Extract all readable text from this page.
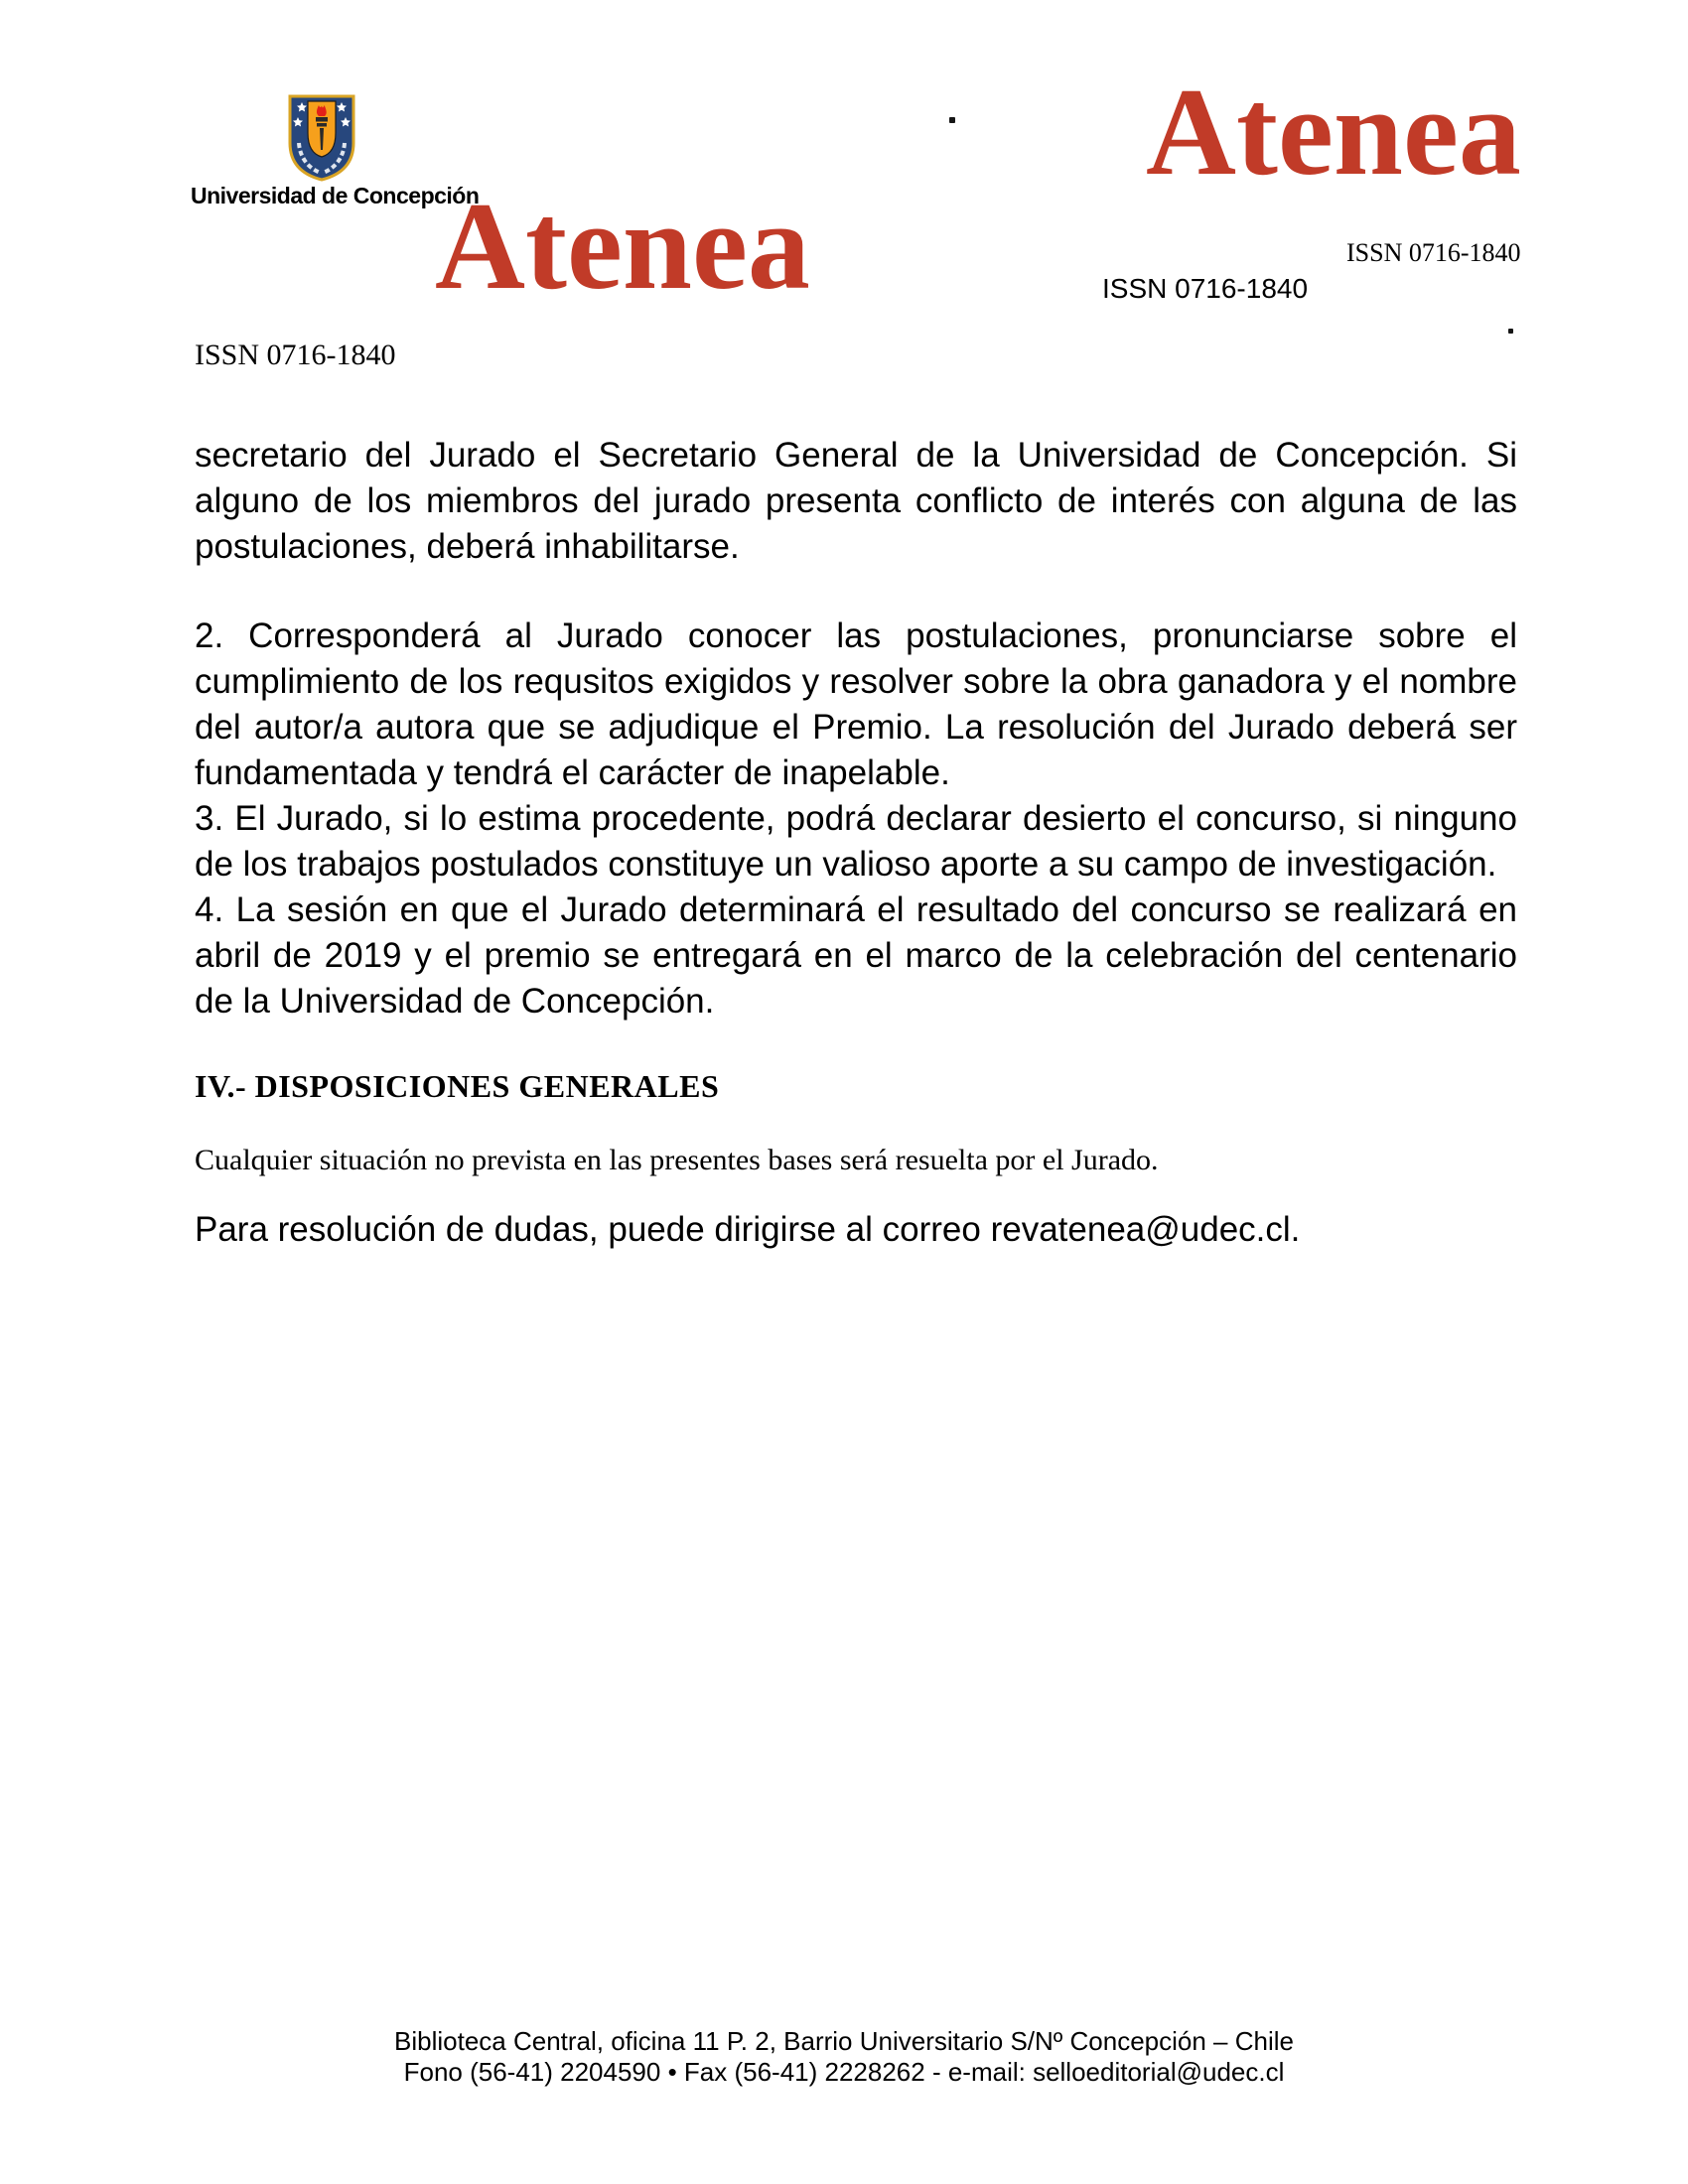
Universidad de Concepción
Atenea
Atenea
ISSN 0716-1840
ISSN 0716-1840
ISSN 0716-1840

secretario del Jurado el Secretario General de la Universidad de Concepción. Si alguno de los miembros del jurado presenta conflicto de interés con alguna de las postulaciones, deberá inhabilitarse.

2. Corresponderá al Jurado conocer las postulaciones, pronunciarse sobre el cumplimiento de los requsitos exigidos y resolver sobre la obra ganadora y el nombre del autor/a autora que se adjudique el Premio. La resolución del Jurado deberá ser fundamentada y tendrá el carácter de inapelable.

3. El Jurado, si lo estima procedente, podrá declarar desierto el concurso, si ninguno de los trabajos postulados constituye un valioso aporte a su campo de investigación.

4. La sesión en que el Jurado determinará el resultado del concurso se realizará en abril de 2019 y el premio se entregará en el marco de la celebración del centenario de la Universidad de Concepción.

IV.- DISPOSICIONES GENERALES

Cualquier situación no prevista en las presentes bases será resuelta por el Jurado.

Para resolución de dudas, puede dirigirse al correo revatenea@udec.cl.

Biblioteca Central, oficina 11 P. 2, Barrio Universitario S/Nº Concepción – Chile
Fono (56-41) 2204590 • Fax (56-41) 2228262 - e-mail: selloeditorial@udec.cl
